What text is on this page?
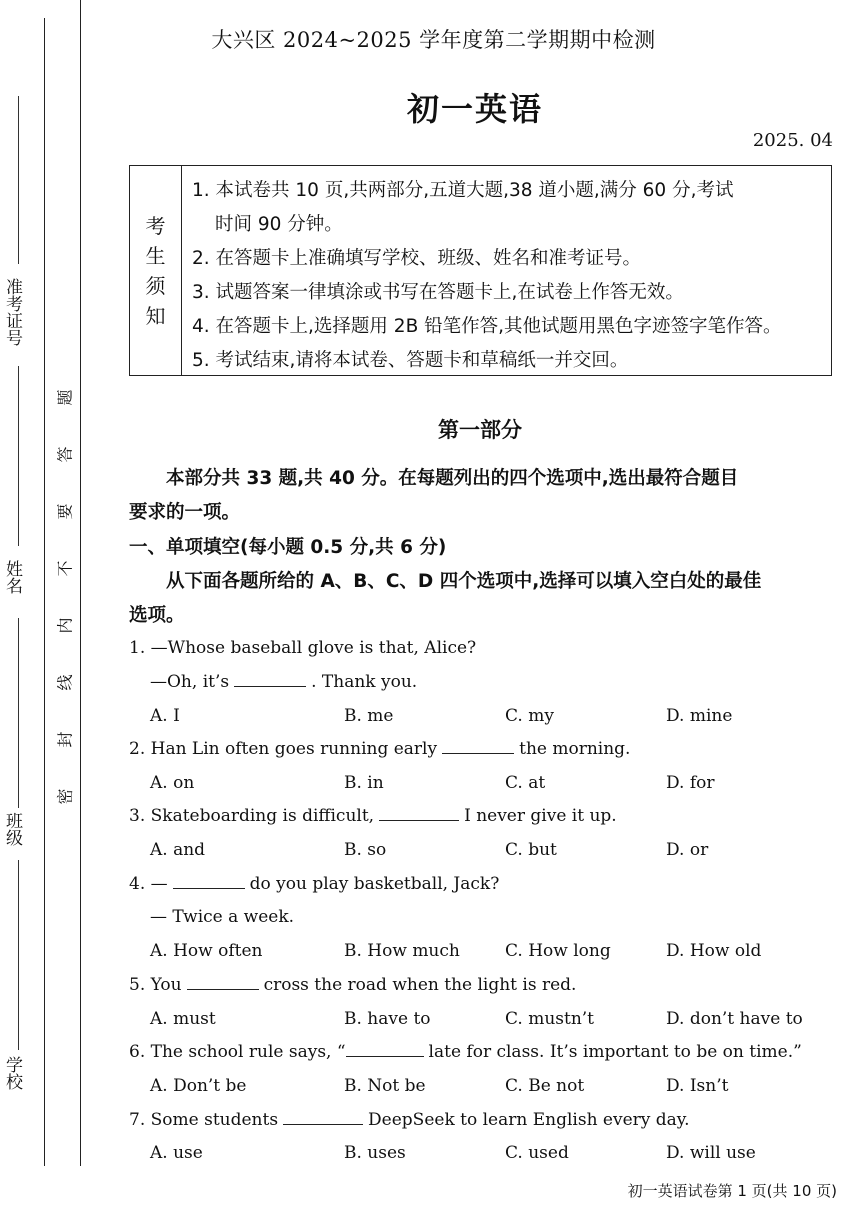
准考证号
姓名
班级
学校
题
答
要
不
内
线
封
密
大兴区 2024~2025 学年度第二学期期中检测
初一英语
2025. 04
考
生
须
知
1. 本试卷共 10 页,共两部分,五道大题,38 道小题,满分 60 分,考试
时间 90 分钟。
2. 在答题卡上准确填写学校、班级、姓名和准考证号。
3. 试题答案一律填涂或书写在答题卡上,在试卷上作答无效。
4. 在答题卡上,选择题用 2B 铅笔作答,其他试题用黑色字迹签字笔作答。
5. 考试结束,请将本试卷、答题卡和草稿纸一并交回。
第一部分
本部分共 33 题,共 40 分。在每题列出的四个选项中,选出最符合题目
要求的一项。
一、单项填空(每小题 0.5 分,共 6 分)
从下面各题所给的 A、B、C、D 四个选项中,选择可以填入空白处的最佳
选项。
1. —Whose baseball glove is that, Alice?
—Oh, it’s	. Thank you.
A. I	B. me	C. my	D. mine
2. Han Lin often goes running early	the morning.
A. on	B. in	C. at	D. for
3. Skateboarding is difficult,	I never give it up.
A. and	B. so	C. but	D. or
4. —	do you play basketball, Jack?
— Twice a week.
A. How often	B. How much	C. How long	D. How old
5. You	cross the road when the light is red.
A. must	B. have to	C. mustn’t	D. don’t have to
6. The school rule says, “	late for class. It’s important to be on time.”
A. Don’t be	B. Not be	C. Be not	D. Isn’t
7. Some students	DeepSeek to learn English every day.
A. use	B. uses	C. used	D. will use
初一英语试卷第 1 页(共 10 页)
